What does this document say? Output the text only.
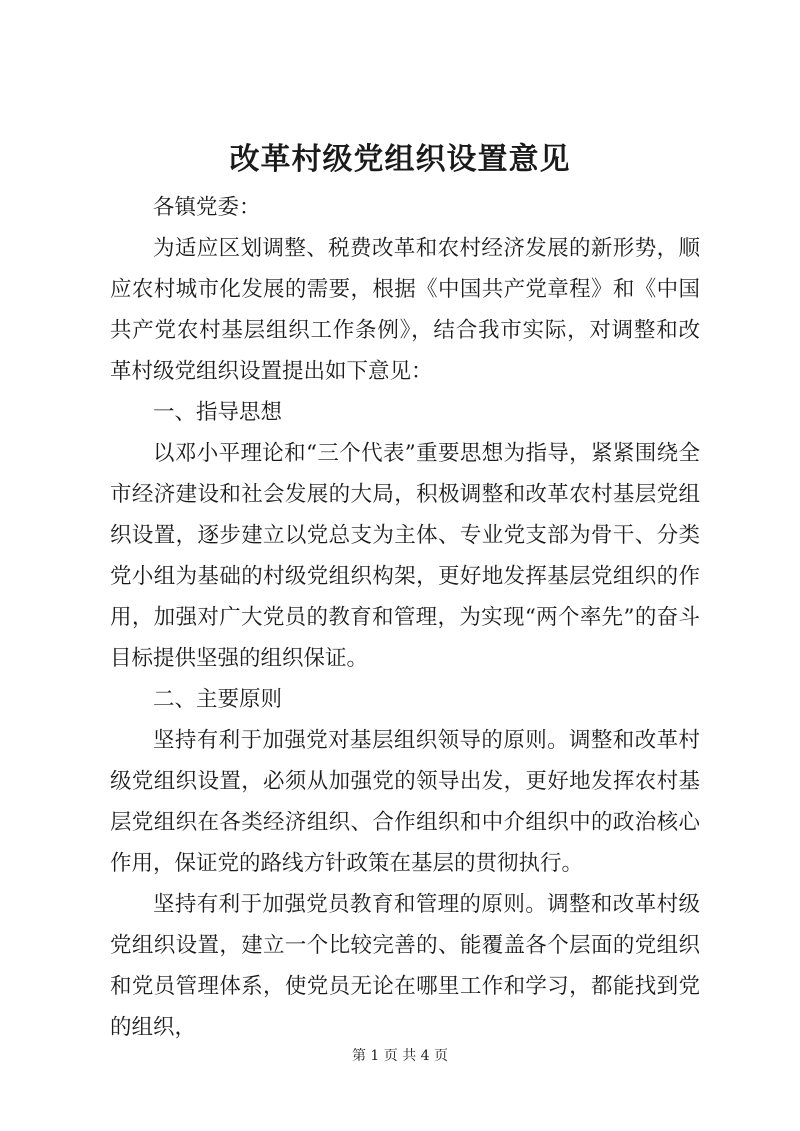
改革村级党组织设置意见

各镇党委：

为适应区划调整、税费改革和农村经济发展的新形势，顺应农村城市化发展的需要，根据《中国共产党章程》和《中国共产党农村基层组织工作条例》，结合我市实际，对调整和改革村级党组织设置提出如下意见：

一、指导思想

以邓小平理论和“三个代表”重要思想为指导，紧紧围绕全市经济建设和社会发展的大局，积极调整和改革农村基层党组织设置，逐步建立以党总支为主体、专业党支部为骨干、分类党小组为基础的村级党组织构架，更好地发挥基层党组织的作用，加强对广大党员的教育和管理，为实现“两个率先”的奋斗目标提供坚强的组织保证。

二、主要原则

坚持有利于加强党对基层组织领导的原则。调整和改革村级党组织设置，必须从加强党的领导出发，更好地发挥农村基层党组织在各类经济组织、合作组织和中介组织中的政治核心作用，保证党的路线方针政策在基层的贯彻执行。

坚持有利于加强党员教育和管理的原则。调整和改革村级党组织设置，建立一个比较完善的、能覆盖各个层面的党组织和党员管理体系，使党员无论在哪里工作和学习，都能找到党的组织，

第 1 页 共 4 页
